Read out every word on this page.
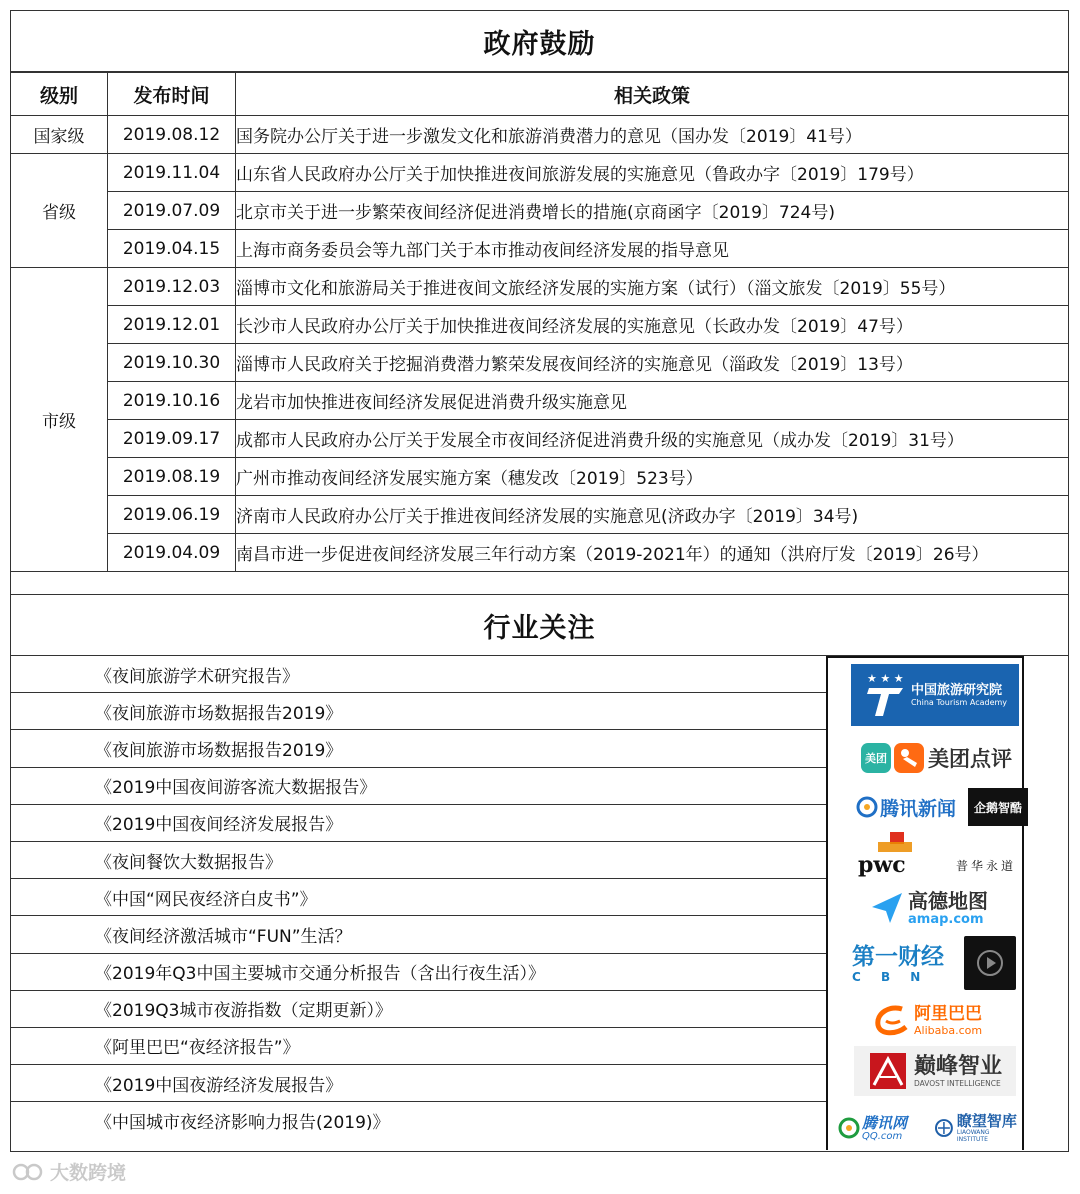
政府鼓励
级别	发布时间	相关政策
国家级	2019.08.12	国务院办公厅关于进一步激发文化和旅游消费潜力的意见（国办发〔2019〕41号）
省级	2019.11.04	山东省人民政府办公厅关于加快推进夜间旅游发展的实施意见（鲁政办字〔2019〕179号）
	2019.07.09	北京市关于进一步繁荣夜间经济促进消费增长的措施(京商函字〔2019〕724号)
	2019.04.15	上海市商务委员会等九部门关于本市推动夜间经济发展的指导意见
市级	2019.12.03	淄博市文化和旅游局关于推进夜间文旅经济发展的实施方案（试行）（淄文旅发〔2019〕55号）
	2019.12.01	长沙市人民政府办公厅关于加快推进夜间经济发展的实施意见（长政办发〔2019〕47号）
	2019.10.30	淄博市人民政府关于挖掘消费潜力繁荣发展夜间经济的实施意见（淄政发〔2019〕13号）
	2019.10.16	龙岩市加快推进夜间经济发展促进消费升级实施意见
	2019.09.17	成都市人民政府办公厅关于发展全市夜间经济促进消费升级的实施意见（成办发〔2019〕31号）
	2019.08.19	广州市推动夜间经济发展实施方案（穗发改〔2019〕523号）
	2019.06.19	济南市人民政府办公厅关于推进夜间经济发展的实施意见(济政办字〔2019〕34号)
	2019.04.09	南昌市进一步促进夜间经济发展三年行动方案（2019-2021年）的通知（洪府厅发〔2019〕26号）
行业关注
《夜间旅游学术研究报告》
《夜间旅游市场数据报告2019》
《夜间旅游市场数据报告2019》
《2019中国夜间游客流大数据报告》
《2019中国夜间经济发展报告》
《夜间餐饮大数据报告》
《中国“网民夜经济白皮书”》
《夜间经济激活城市“FUN”生活？
《2019年Q3中国主要城市交通分析报告（含出行夜生活）》
《2019Q3城市夜游指数（定期更新）》
《阿里巴巴“夜经济报告”》
《2019中国夜游经济发展报告》
《中国城市夜经济影响力报告(2019)》
★ ★ ★
中国旅游研究院
China Tourism Academy
美团 美团点评
腾讯新闻	企鹅智酷
pwc	普华永道
高德地图
amap.com
第一财经
C B N
阿里巴巴
Alibaba.com
巅峰智业
DAVOST INTELLIGENCE
腾讯网
QQ.com
瞭望智库
LIAOWANG INSTITUTE
大数跨境
